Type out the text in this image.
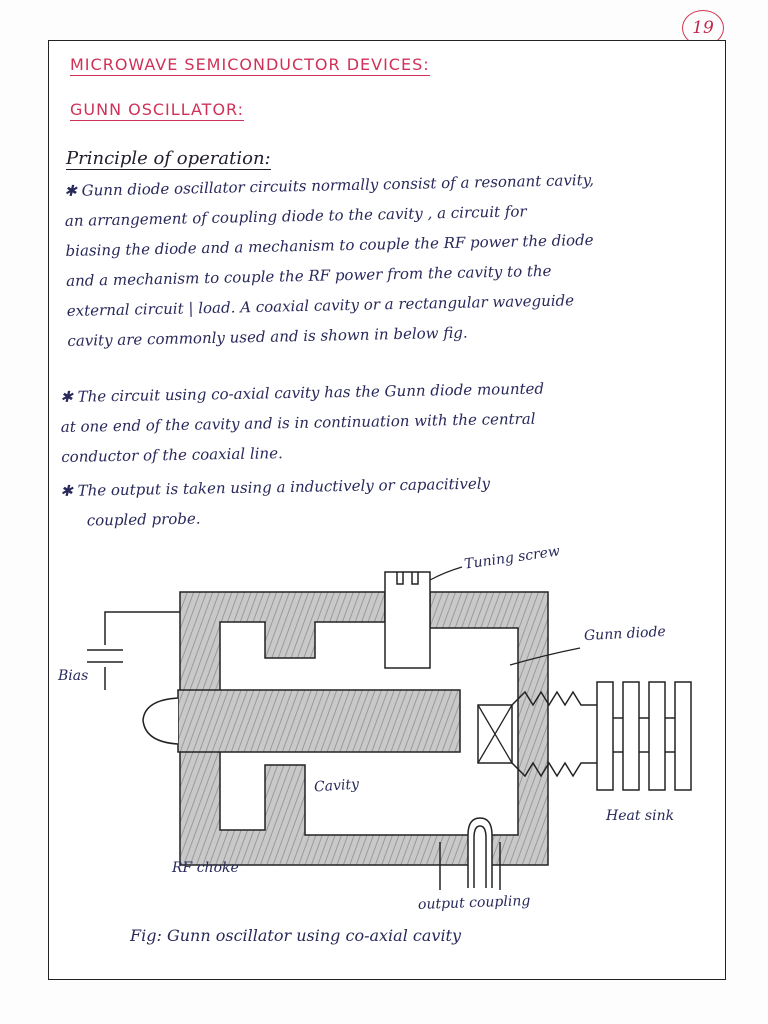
19
MICROWAVE SEMICONDUCTOR DEVICES:
GUNN OSCILLATOR:
Principle of operation:
✱ Gunn diode oscillator circuits normally consist of a resonant cavity,
an arrangement of coupling diode to the cavity , a circuit for
biasing the diode and a mechanism to couple the RF power the diode
and a mechanism to couple the RF power from the cavity to the
external circuit | load. A coaxial cavity or a rectangular waveguide
cavity are commonly used and is shown in below fig.
✱ The circuit using co-axial cavity has the Gunn diode mounted
at one end of the cavity and is in continuation with the central
conductor of the coaxial line.
✱ The output is taken using a inductively or capacitively
coupled probe.
Tuning screw
Gunn diode
Bias
Cavity
Heat sink
RF choke
output coupling
Fig: Gunn oscillator using co-axial cavity
